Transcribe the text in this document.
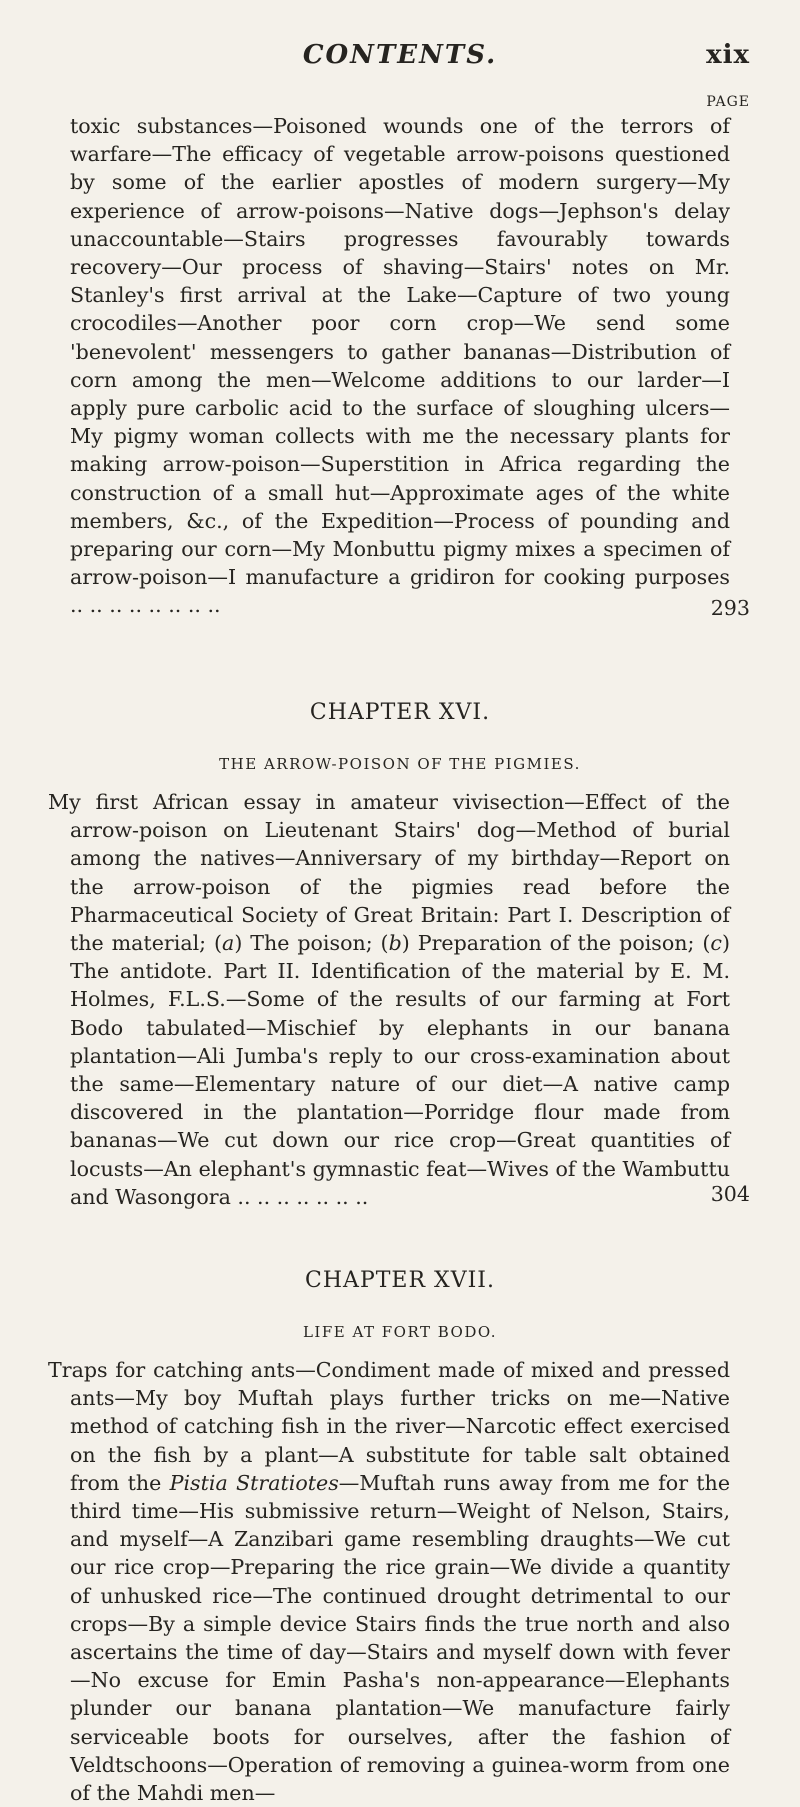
CONTENTS.	xix
PAGE
toxic substances—Poisoned wounds one of the terrors of warfare—The efficacy of vegetable arrow-poisons questioned by some of the earlier apostles of modern surgery—My experience of arrow-poisons—Native dogs—Jephson's delay unaccountable—Stairs progresses favourably towards recovery—Our process of shaving—Stairs' notes on Mr. Stanley's first arrival at the Lake—Capture of two young crocodiles—Another poor corn crop—We send some 'benevolent' messengers to gather bananas—Distribution of corn among the men—Welcome additions to our larder—I apply pure carbolic acid to the surface of sloughing ulcers—My pigmy woman collects with me the necessary plants for making arrow-poison—Superstition in Africa regarding the construction of a small hut—Approximate ages of the white members, &c., of the Expedition—Process of pounding and preparing our corn—My Monbuttu pigmy mixes a specimen of arrow-poison—I manufacture a gridiron for cooking purposes .. .. .. .. .. .. .. ..	293
CHAPTER XVI.
THE ARROW-POISON OF THE PIGMIES.
My first African essay in amateur vivisection—Effect of the arrow-poison on Lieutenant Stairs' dog—Method of burial among the natives—Anniversary of my birthday—Report on the arrow-poison of the pigmies read before the Pharmaceutical Society of Great Britain: Part I. Description of the material; (a) The poison; (b) Preparation of the poison; (c) The antidote. Part II. Identification of the material by E. M. Holmes, F.L.S.—Some of the results of our farming at Fort Bodo tabulated—Mischief by elephants in our banana plantation—Ali Jumba's reply to our cross-examination about the same—Elementary nature of our diet—A native camp discovered in the plantation—Porridge flour made from bananas—We cut down our rice crop—Great quantities of locusts—An elephant's gymnastic feat—Wives of the Wambuttu and Wasongora .. .. .. .. .. .. ..	304
CHAPTER XVII.
LIFE AT FORT BODO.
Traps for catching ants—Condiment made of mixed and pressed ants—My boy Muftah plays further tricks on me—Native method of catching fish in the river—Narcotic effect exercised on the fish by a plant—A substitute for table salt obtained from the Pistia Stratiotes—Muftah runs away from me for the third time—His submissive return—Weight of Nelson, Stairs, and myself—A Zanzibari game resembling draughts—We cut our rice crop—Preparing the rice grain—We divide a quantity of unhusked rice—The continued drought detrimental to our crops—By a simple device Stairs finds the true north and also ascertains the time of day—Stairs and myself down with fever—No excuse for Emin Pasha's non-appearance—Elephants plunder our banana plantation—We manufacture fairly serviceable boots for ourselves, after the fashion of Veldtschoons—Operation of removing a guinea-worm from one of the Mahdi men—
